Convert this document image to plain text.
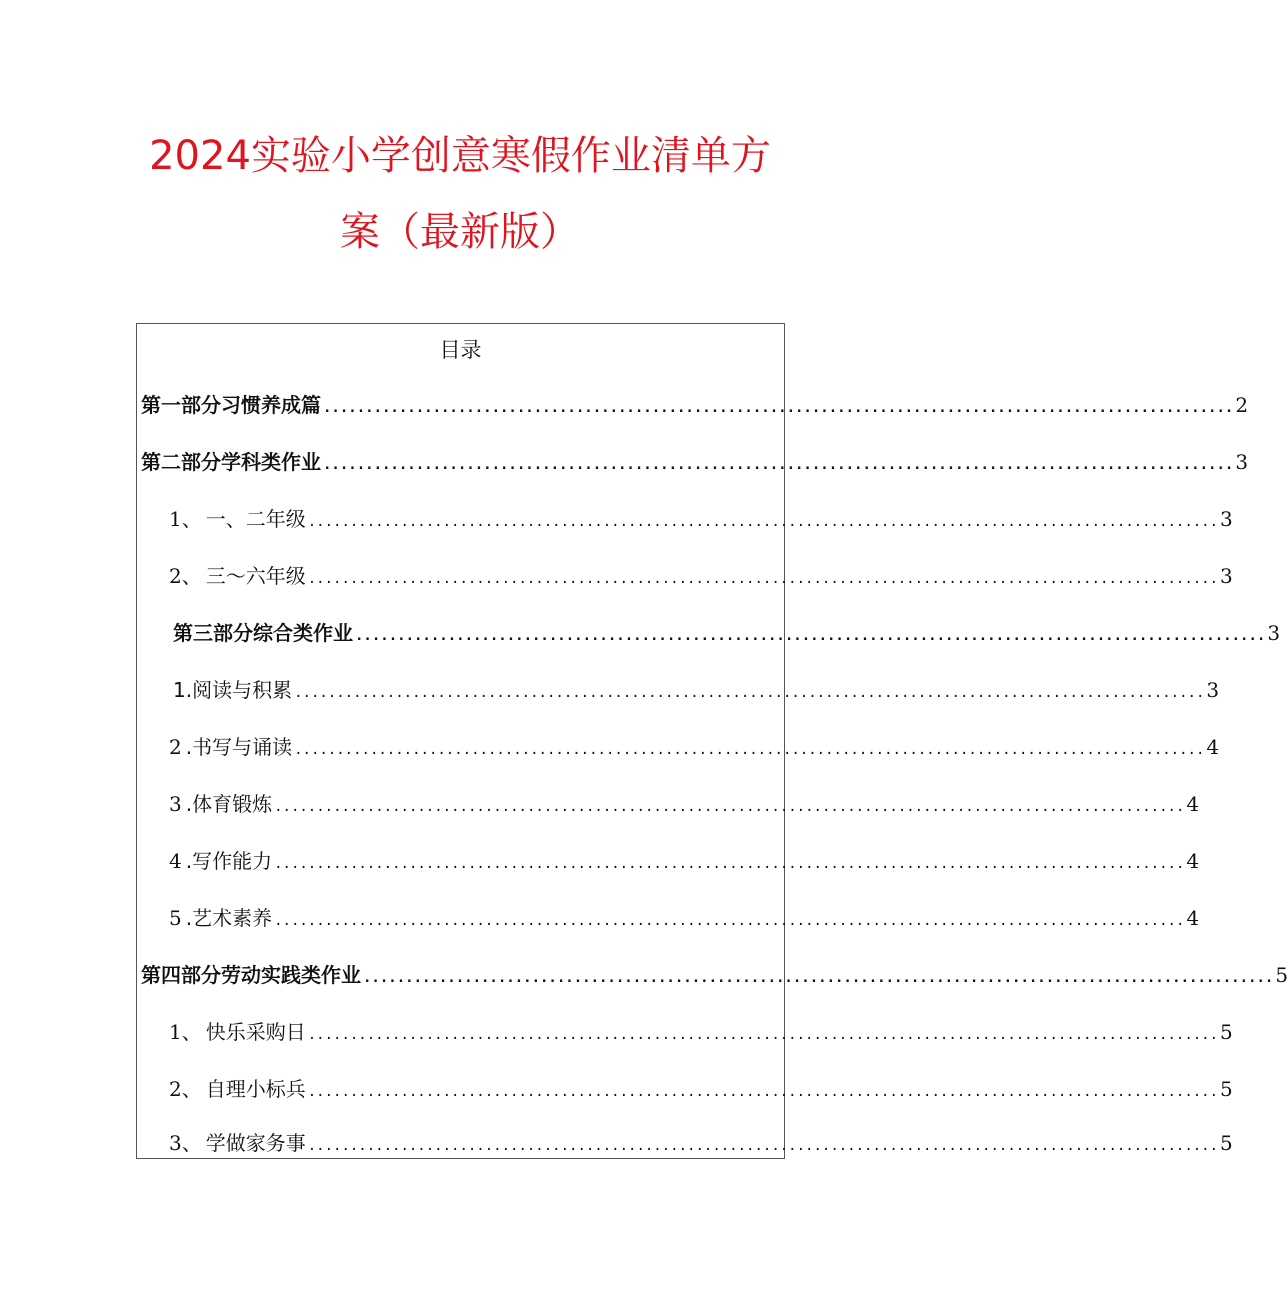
2024实验小学创意寒假作业清单方
案（最新版）
目录
第一部分习惯养成篇 ............................................................................................................ 2
第二部分学科类作业 ............................................................................................................ 3
1、 一、二年级 ............................................................................................................ 3
2、 三〜六年级 ............................................................................................................ 3
第三部分综合类作业 ............................................................................................................ 3
1.阅读与积累 ............................................................................................................ 3
2 .书写与诵读 ............................................................................................................ 4
3 .体育锻炼 ............................................................................................................ 4
4 .写作能力 ............................................................................................................ 4
5 .艺术素养 ............................................................................................................ 4
第四部分劳动实践类作业 ............................................................................................................ 5
1、 快乐采购日 ............................................................................................................ 5
2、 自理小标兵 ............................................................................................................ 5
3、 学做家务事 ............................................................................................................ 5
